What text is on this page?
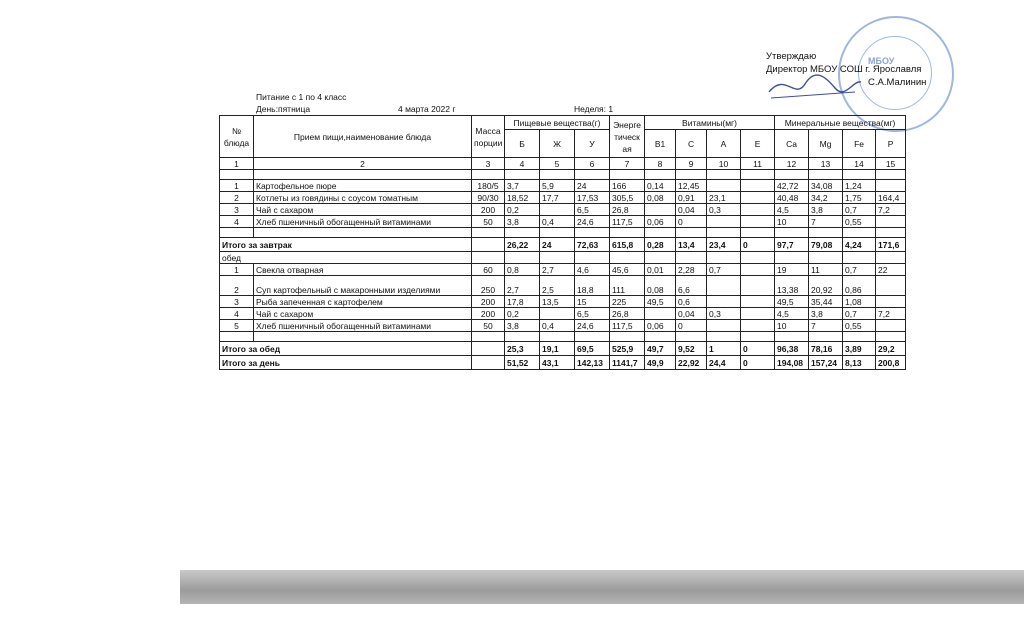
МБОУ
Утверждаю
Директор МБОУ СОШ г. Ярославля
С.А.Малинин
Питание с 1 по 4 класс
День:пятница	4 марта 2022 г	Неделя: 1
№ блюда	Прием пищи,наименование блюда	Масса порции	Пищевые вещества(г)			Энергетическая	Витамины(мг)				Минеральные вещества(мг)			
			Б	Ж	У		В1	С	А	Е	Ca	Mg	Fe	P
1	2	3	4	5	6	7	8	9	10	11	12	13	14	15

1	Картофельное пюре	180/5	3,7	5,9	24	166	0,14	12,45			42,72	34,08	1,24	
2	Котлеты из говядины с соусом томатным	90/30	18,52	17,7	17,53	305,5	0,08	0,91	23,1		40,48	34,2	1,75	164,4
3	Чай с сахаром	200	0,2		6,5	26,8		0,04	0,3		4,5	3,8	0,7	7,2
4	Хлеб пшеничный обогащенный витаминами	50	3,8	0,4	24,6	117,5	0,06	0			10	7	0,55	

Итого за завтрак			26,22	24	72,63	615,8	0,28	13,4	23,4	0	97,7	79,08	4,24	171,6
обед														
1	Свекла отварная	60	0,8	2,7	4,6	45,6	0,01	2,28	0,7		19	11	0,7	22
2	Суп картофельный с макаронными изделиями	250	2,7	2,5	18,8	111	0,08	6,6			13,38	20,92	0,86	
3	Рыба запеченная с картофелем	200	17,8	13,5	15	225	49,5	0,6			49,5	35,44	1,08	
4	Чай с сахаром	200	0,2		6,5	26,8		0,04	0,3		4,5	3,8	0,7	7,2
5	Хлеб пшеничный обогащенный витаминами	50	3,8	0,4	24,6	117,5	0,06	0			10	7	0,55	

Итого за обед			25,3	19,1	69,5	525,9	49,7	9,52	1	0	96,38	78,16	3,89	29,2
Итого за день			51,52	43,1	142,13	1141,7	49,9	22,92	24,4	0	194,08	157,24	8,13	200,8
